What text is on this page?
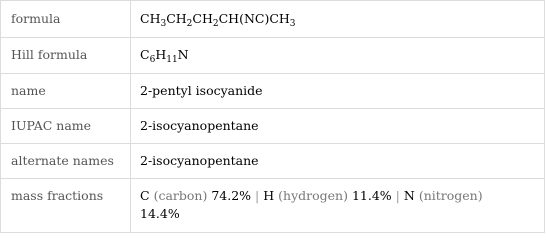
formula	$CH_3CH_2CH_2CH(NC)CH_3$
Hill formula	$C_6H_{11}N$
name	2-pentyl isocyanide
IUPAC name	2-isocyanopentane
alternate names	2-isocyanopentane
mass fractions	C (carbon) 74.2% | H (hydrogen) 11.4% | N (nitrogen)
14.4%
